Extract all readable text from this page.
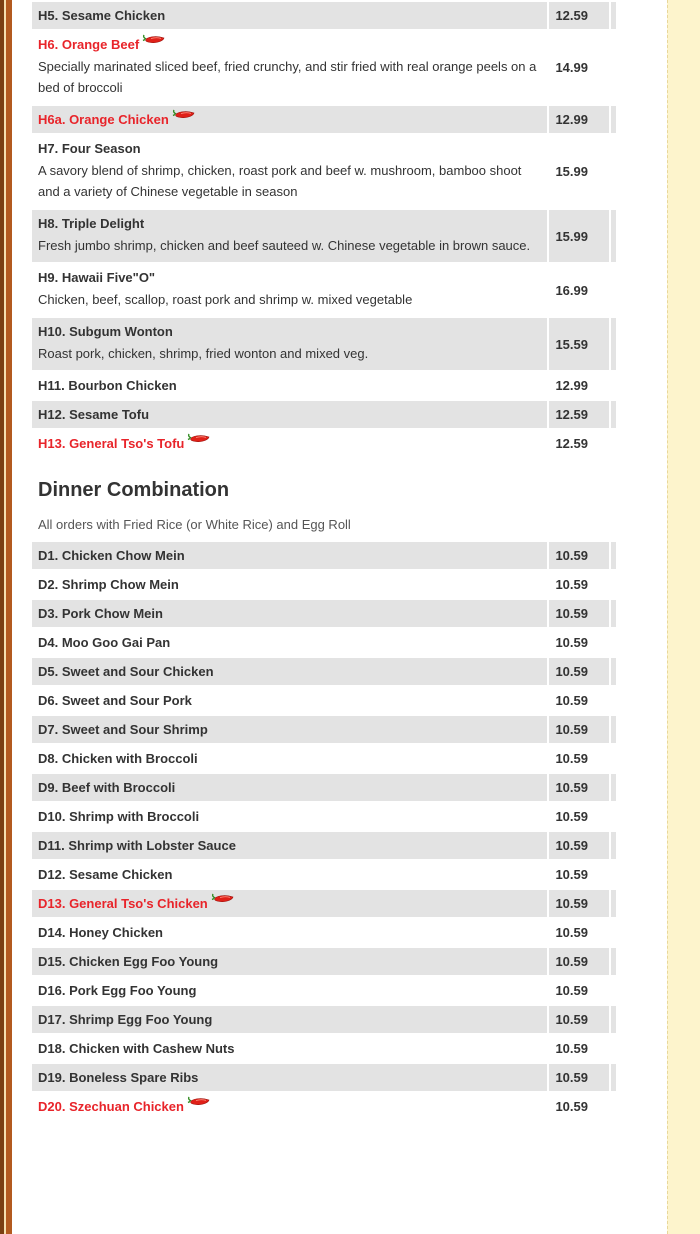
H5. Sesame Chicken	12.59	
H6. Orange Beef
Specially marinated sliced beef, fried crunchy, and stir fried with real orange peels on a bed of broccoli	14.99	
H6a. Orange Chicken	12.99	
H7. Four Season
A savory blend of shrimp, chicken, roast pork and beef w. mushroom, bamboo shoot and a variety of Chinese vegetable in season	15.99	
H8. Triple Delight
Fresh jumbo shrimp, chicken and beef sauteed w. Chinese vegetable in brown sauce.	15.99	
H9. Hawaii Five"O"
Chicken, beef, scallop, roast pork and shrimp w. mixed vegetable	16.99	
H10. Subgum Wonton
Roast pork, chicken, shrimp, fried wonton and mixed veg.	15.59	
H11. Bourbon Chicken	12.99	
H12. Sesame Tofu	12.59	
H13. General Tso's Tofu	12.59	
Dinner Combination
All orders with Fried Rice (or White Rice) and Egg Roll
D1. Chicken Chow Mein	10.59	
D2. Shrimp Chow Mein	10.59	
D3. Pork Chow Mein	10.59	
D4. Moo Goo Gai Pan	10.59	
D5. Sweet and Sour Chicken	10.59	
D6. Sweet and Sour Pork	10.59	
D7. Sweet and Sour Shrimp	10.59	
D8. Chicken with Broccoli	10.59	
D9. Beef with Broccoli	10.59	
D10. Shrimp with Broccoli	10.59	
D11. Shrimp with Lobster Sauce	10.59	
D12. Sesame Chicken	10.59	
D13. General Tso's Chicken	10.59	
D14. Honey Chicken	10.59	
D15. Chicken Egg Foo Young	10.59	
D16. Pork Egg Foo Young	10.59	
D17. Shrimp Egg Foo Young	10.59	
D18. Chicken with Cashew Nuts	10.59	
D19. Boneless Spare Ribs	10.59	
D20. Szechuan Chicken	10.59	
